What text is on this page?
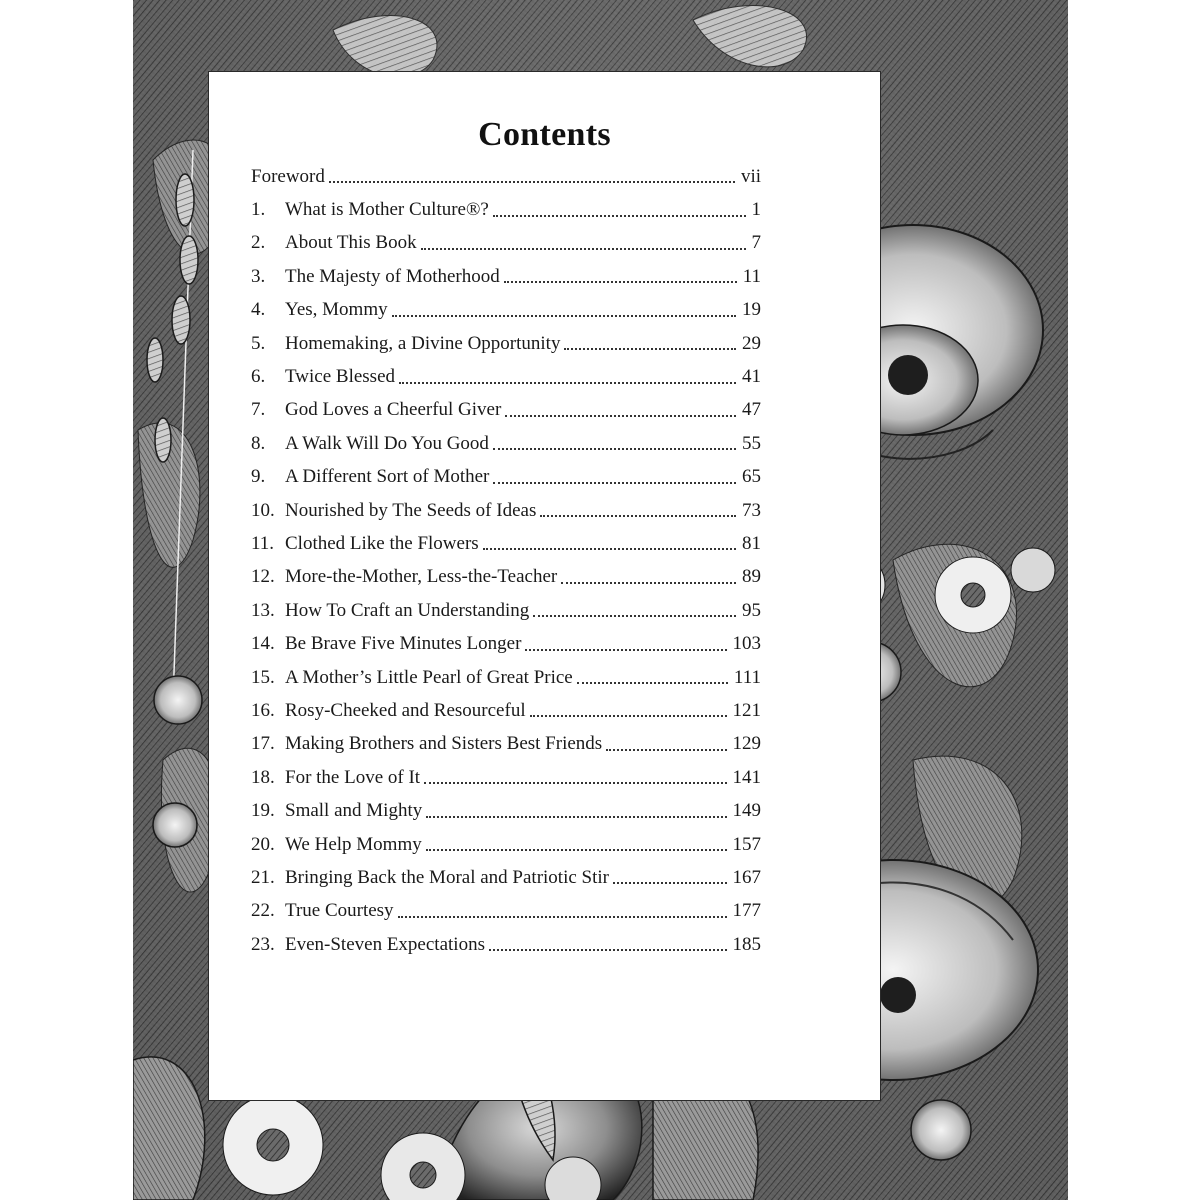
Contents
Foreword	vii
1.	What is Mother Culture®?	1
2.	About This Book	7
3.	The Majesty of Motherhood	11
4.	Yes, Mommy	19
5.	Homemaking, a Divine Opportunity	29
6.	Twice Blessed	41
7.	God Loves a Cheerful Giver	47
8.	A Walk Will Do You Good	55
9.	A Different Sort of Mother	65
10. Nourished by The Seeds of Ideas	73
11. Clothed Like the Flowers	81
12. More-the-Mother, Less-the-Teacher	89
13. How To Craft an Understanding	95
14. Be Brave Five Minutes Longer	103
15. A Mother’s Little Pearl of Great Price	111
16. Rosy-Cheeked and Resourceful	121
17. Making Brothers and Sisters Best Friends	129
18. For the Love of It	141
19. Small and Mighty	149
20. We Help Mommy	157
21. Bringing Back the Moral and Patriotic Stir	167
22. True Courtesy	177
23. Even-Steven Expectations	185
